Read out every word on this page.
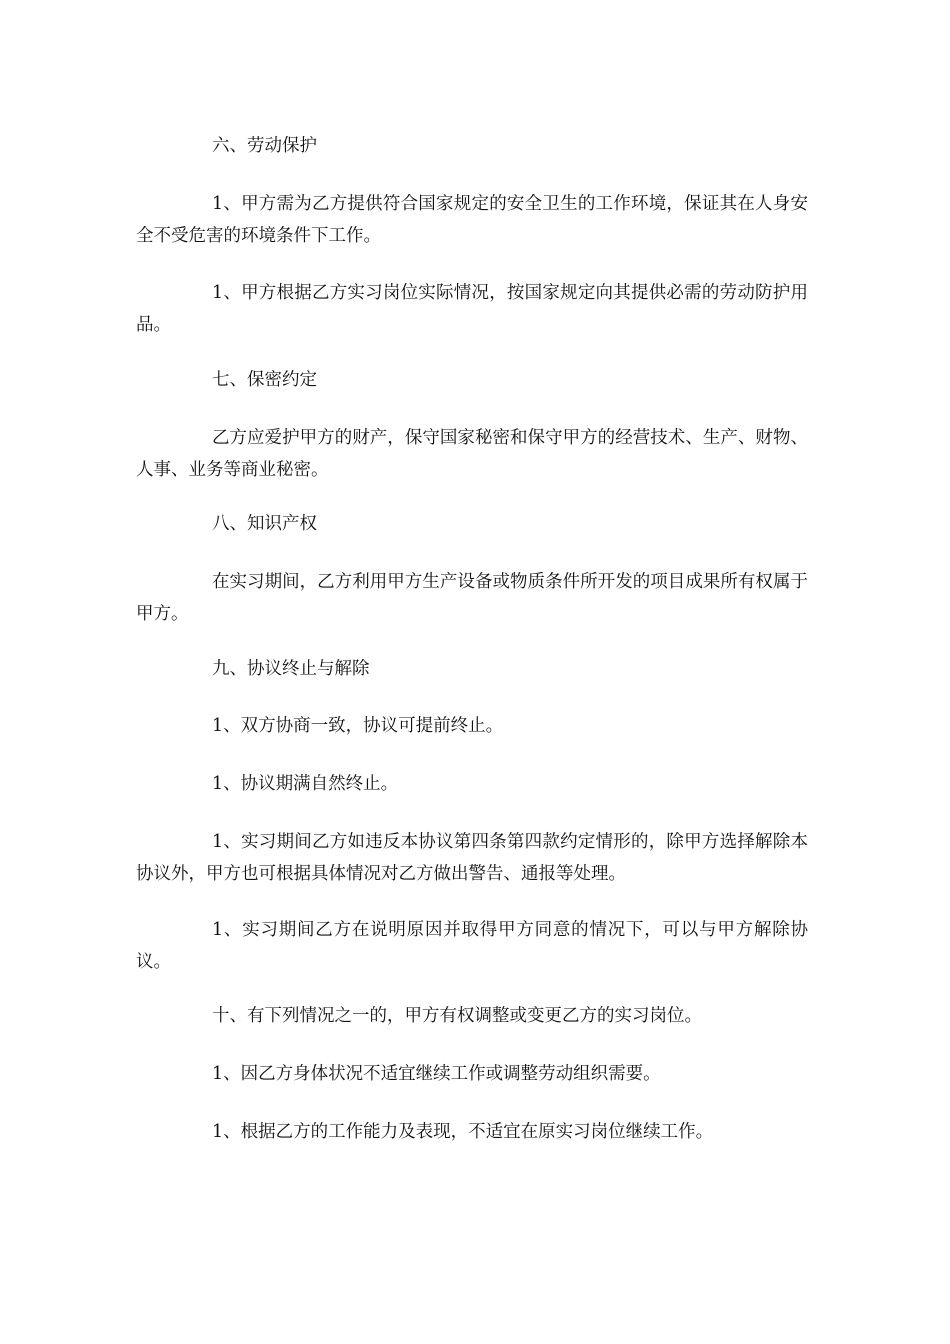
六、劳动保护

1、甲方需为乙方提供符合国家规定的安全卫生的工作环境，保证其在人身安全不受危害的环境条件下工作。

1、甲方根据乙方实习岗位实际情况，按国家规定向其提供必需的劳动防护用品。

七、保密约定

乙方应爱护甲方的财产，保守国家秘密和保守甲方的经营技术、生产、财物、人事、业务等商业秘密。

八、知识产权

在实习期间，乙方利用甲方生产设备或物质条件所开发的项目成果所有权属于甲方。

九、协议终止与解除

1、双方协商一致，协议可提前终止。

1、协议期满自然终止。

1、实习期间乙方如违反本协议第四条第四款约定情形的，除甲方选择解除本协议外，甲方也可根据具体情况对乙方做出警告、通报等处理。

1、实习期间乙方在说明原因并取得甲方同意的情况下，可以与甲方解除协议。

十、有下列情况之一的，甲方有权调整或变更乙方的实习岗位。

1、因乙方身体状况不适宜继续工作或调整劳动组织需要。

1、根据乙方的工作能力及表现，不适宜在原实习岗位继续工作。
